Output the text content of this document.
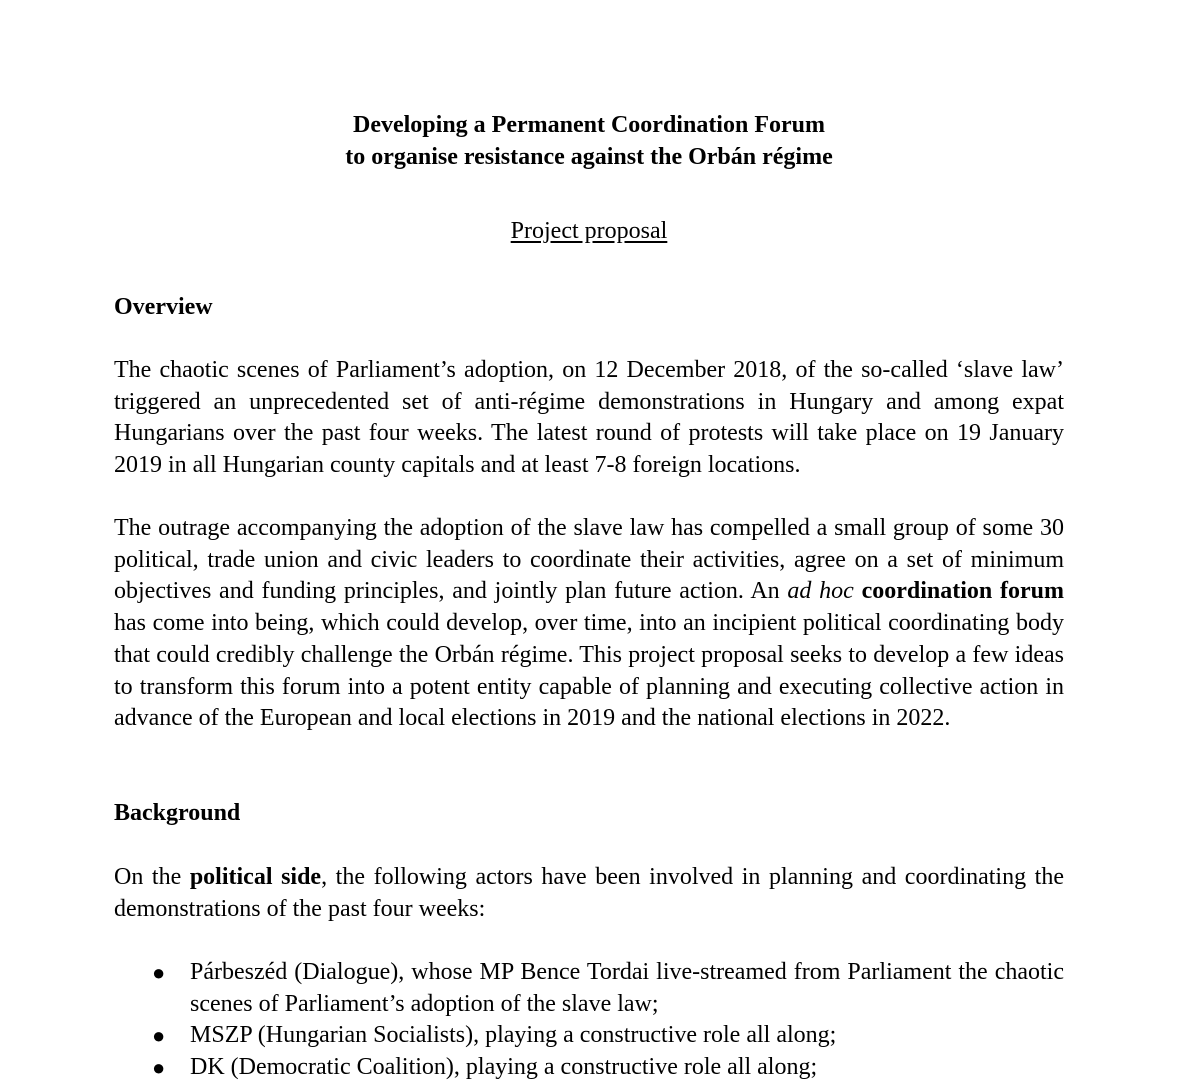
Developing a Permanent Coordination Forum
to organise resistance against the Orbán régime
Project proposal
Overview

The chaotic scenes of Parliament’s adoption, on 12 December 2018, of the so-called ‘slave law’ triggered an unprecedented set of anti-régime demonstrations in Hungary and among expat Hungarians over the past four weeks. The latest round of protests will take place on 19 January 2019 in all Hungarian county capitals and at least 7-8 foreign locations.

The outrage accompanying the adoption of the slave law has compelled a small group of some 30 political, trade union and civic leaders to coordinate their activities, agree on a set of minimum objectives and funding principles, and jointly plan future action. An ad hoc coordination forum has come into being, which could develop, over time, into an incipient political coordinating body that could credibly challenge the Orbán régime. This project proposal seeks to develop a few ideas to transform this forum into a potent entity capable of planning and executing collective action in advance of the European and local elections in 2019 and the national elections in 2022.

Background

On the political side, the following actors have been involved in planning and coordinating the demonstrations of the past four weeks:

● Párbeszéd (Dialogue), whose MP Bence Tordai live-streamed from Parliament the chaotic scenes of Parliament’s adoption of the slave law;
● MSZP (Hungarian Socialists), playing a constructive role all along;
● DK (Democratic Coalition), playing a constructive role all along;
